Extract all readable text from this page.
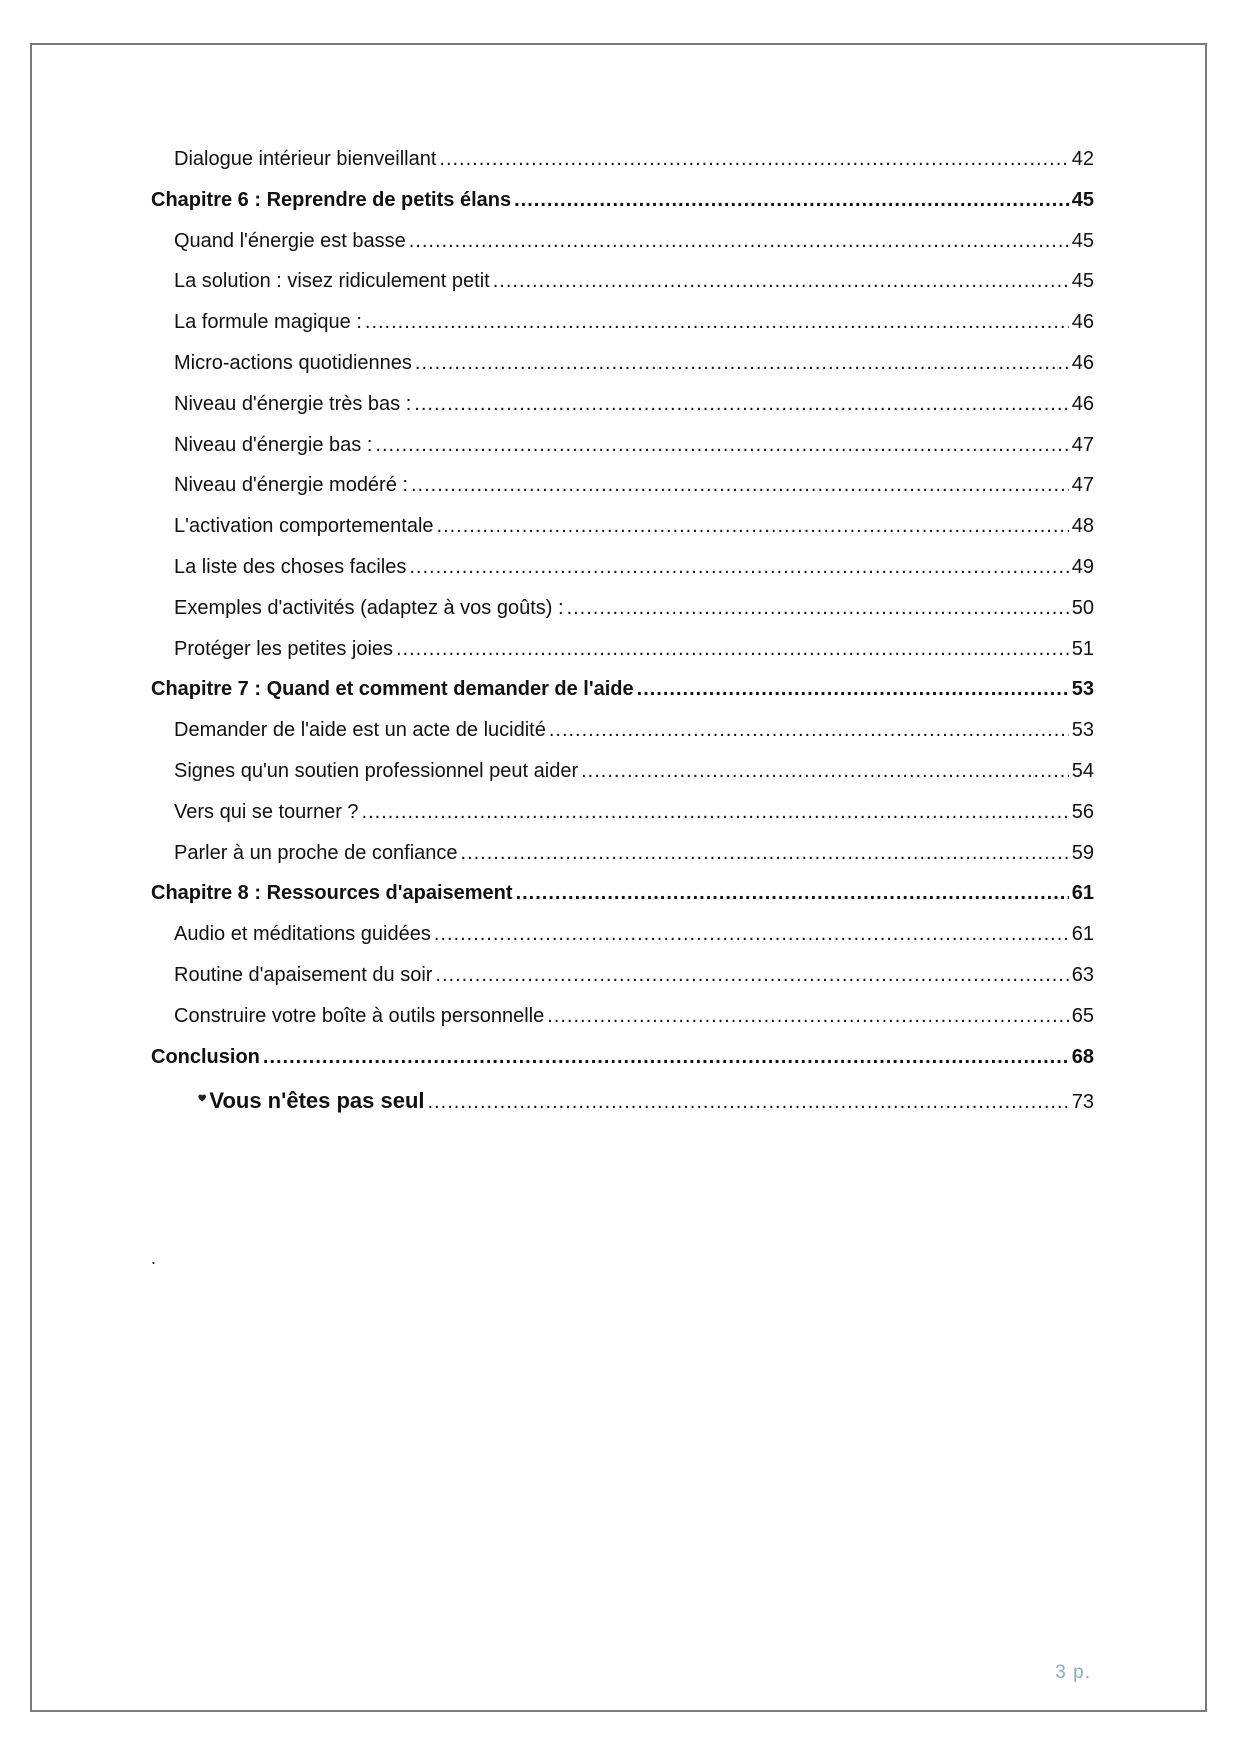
Dialogue intérieur bienveillant .....	42
Chapitre 6 : Reprendre de petits élans .....	45
Quand l'énergie est basse .....	45
La solution : visez ridiculement petit .....	45
La formule magique : .....	46
Micro-actions quotidiennes .....	46
Niveau d'énergie très bas : .....	46
Niveau d'énergie bas : .....	47
Niveau d'énergie modéré : .....	47
L'activation comportementale .....	48
La liste des choses faciles .....	49
Exemples d'activités (adaptez à vos goûts) : .....	50
Protéger les petites joies .....	51
Chapitre 7 : Quand et comment demander de l'aide .....	53
Demander de l'aide est un acte de lucidité .....	53
Signes qu'un soutien professionnel peut aider .....	54
Vers qui se tourner ? .....	56
Parler à un proche de confiance .....	59
Chapitre 8 : Ressources d'apaisement .....	61
Audio et méditations guidées .....	61
Routine d'apaisement du soir .....	63
Construire votre boîte à outils personnelle .....	65
Conclusion .....	68
Vous n'êtes pas seul .....	73
.
3 p.
